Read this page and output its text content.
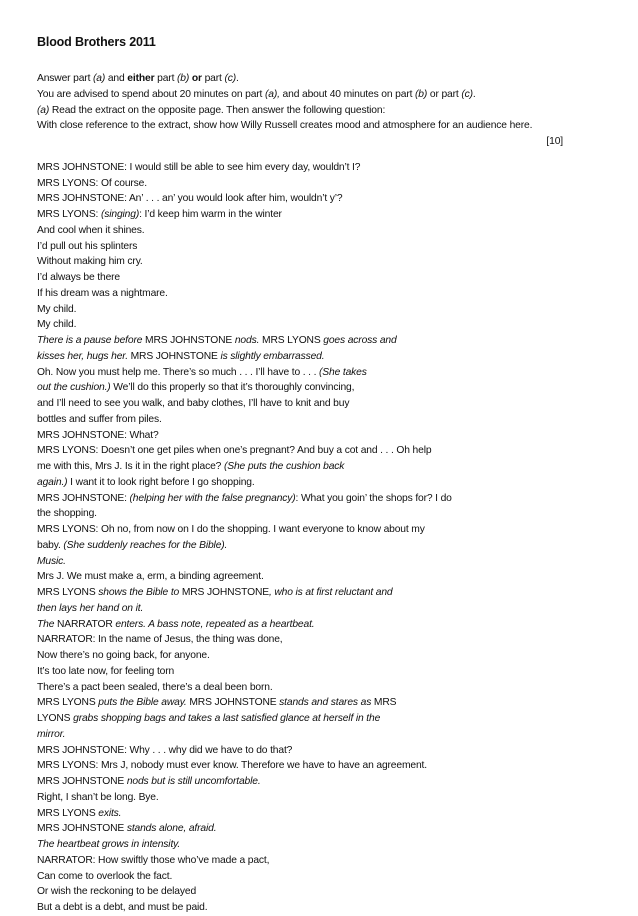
Blood Brothers 2011
Answer part (a) and either part (b) or part (c).
You are advised to spend about 20 minutes on part (a), and about 40 minutes on part (b) or part (c).
(a) Read the extract on the opposite page. Then answer the following question:
With close reference to the extract, show how Willy Russell creates mood and atmosphere for an audience here.
[10]
MRS JOHNSTONE: I would still be able to see him every day, wouldn’t I?
MRS LYONS: Of course.
MRS JOHNSTONE: An’ . . . an’ you would look after him, wouldn’t y’?
MRS LYONS: (singing): I’d keep him warm in the winter
And cool when it shines.
I’d pull out his splinters
Without making him cry.
I’d always be there
If his dream was a nightmare.
My child.
My child.
There is a pause before MRS JOHNSTONE nods. MRS LYONS goes across and
kisses her, hugs her. MRS JOHNSTONE is slightly embarrassed.
Oh. Now you must help me. There’s so much . . . I’ll have to . . . (She takes
out the cushion.) We’ll do this properly so that it’s thoroughly convincing,
and I’ll need to see you walk, and baby clothes, I’ll have to knit and buy
bottles and suffer from piles.
MRS JOHNSTONE: What?
MRS LYONS: Doesn’t one get piles when one’s pregnant? And buy a cot and . . . Oh help
me with this, Mrs J. Is it in the right place? (She puts the cushion back
again.) I want it to look right before I go shopping.
MRS JOHNSTONE: (helping her with the false pregnancy): What you goin’ the shops for? I do
the shopping.
MRS LYONS: Oh no, from now on I do the shopping. I want everyone to know about my
baby. (She suddenly reaches for the Bible).
Music.
Mrs J. We must make a, erm, a binding agreement.
MRS LYONS shows the Bible to MRS JOHNSTONE, who is at first reluctant and
then lays her hand on it.
The NARRATOR enters. A bass note, repeated as a heartbeat.
NARRATOR: In the name of Jesus, the thing was done,
Now there’s no going back, for anyone.
It’s too late now, for feeling torn
There’s a pact been sealed, there’s a deal been born.
MRS LYONS puts the Bible away. MRS JOHNSTONE stands and stares as MRS
LYONS grabs shopping bags and takes a last satisfied glance at herself in the
mirror.
MRS JOHNSTONE: Why . . . why did we have to do that?
MRS LYONS: Mrs J, nobody must ever know. Therefore we have to have an agreement.
MRS JOHNSTONE nods but is still uncomfortable.
Right, I shan’t be long. Bye.
MRS LYONS exits.
MRS JOHNSTONE stands alone, afraid.
The heartbeat grows in intensity.
NARRATOR: How swiftly those who’ve made a pact,
Can come to overlook the fact.
Or wish the reckoning to be delayed
But a debt is a debt, and must be paid.
